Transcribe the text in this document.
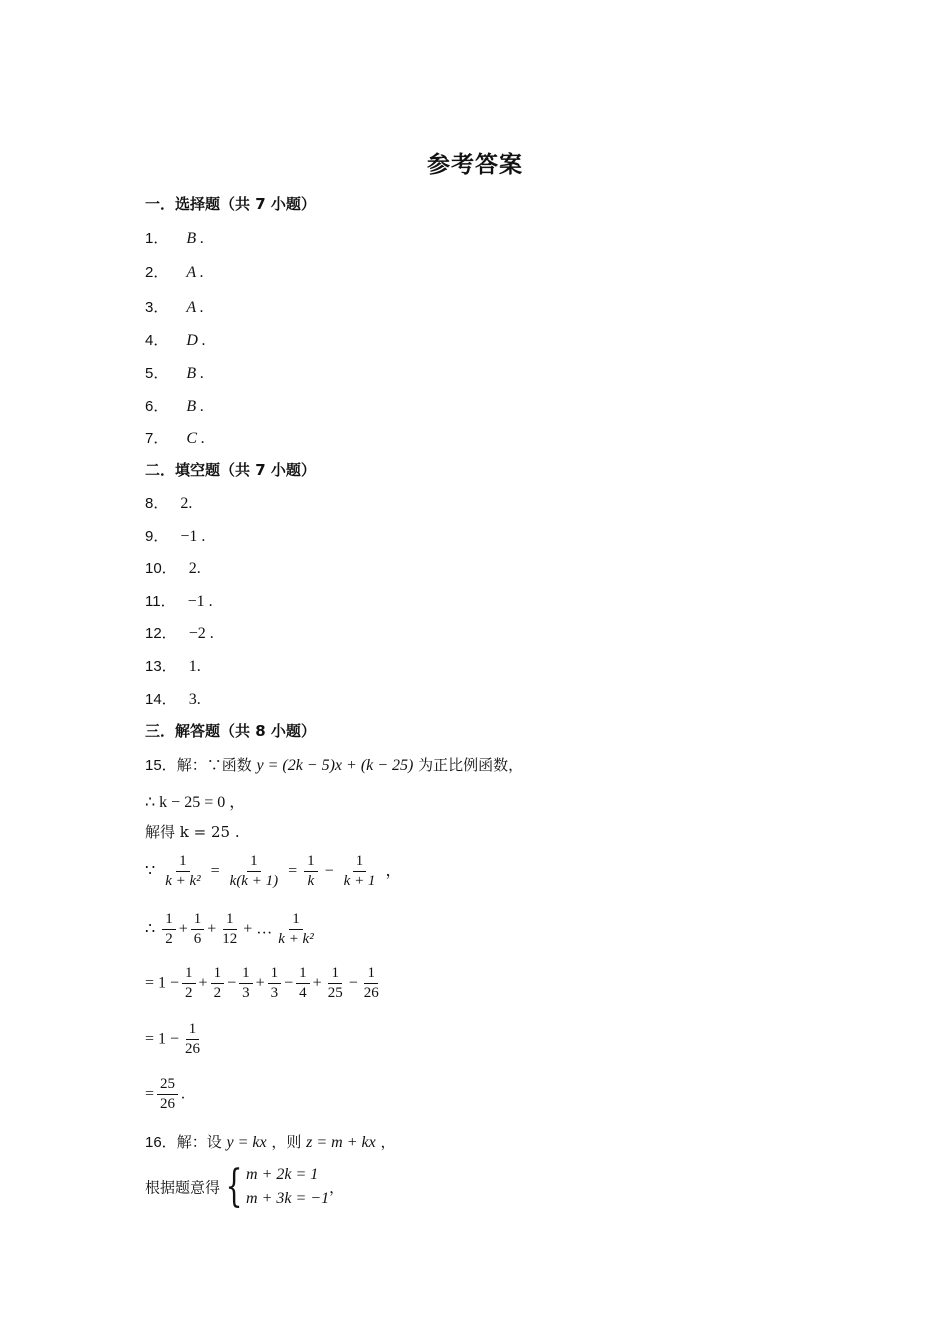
参考答案
一．选择题（共 7 小题）
1． B .
2． A .
3． A .
4． D .
5． B .
6． B .
7． C .
二．填空题（共 7 小题）
8． 2.
9． −1 .
10． 2.
11． −1 .
12． −2 .
13． 1.
14． 3.
三．解答题（共 8 小题）
15．解：∵函数 y = (2k − 5)x + (k − 25) 为正比例函数，
∴ k − 25 = 0 ，
解得 k = 25 .
∵ $\frac{1}{\text{k + k²}} = \frac{1}{k(k + 1)} = \frac{1}{k} - \frac{1}{k + 1}$ ，
∴ $\frac{1}{2} + \frac{1}{6} + \frac{1}{12}$ + … $\frac{1}{\text{k + k²}}$
= $1 - \frac{1}{2} + \frac{1}{2} - \frac{1}{3} + \frac{1}{3} - \frac{1}{4} + \frac{1}{25} - \frac{1}{26}$
= $1 - \frac{1}{26}$
= $\frac{25}{26}$ .
16．解：设 y = kx ，则 z = m + kx ，
根据题意得 { m + 2k = 1
m + 3k = −1
，
